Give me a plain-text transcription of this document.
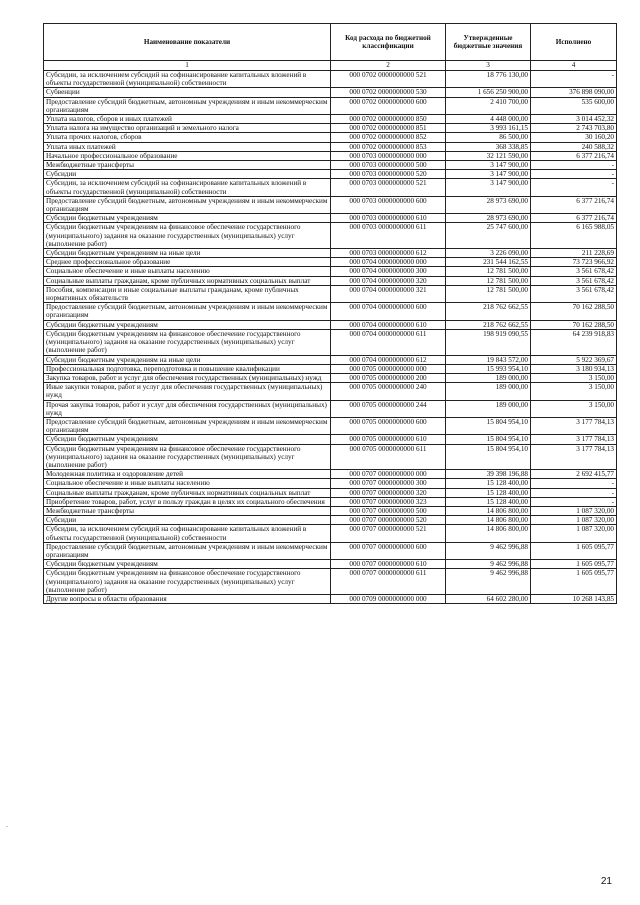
Наименование показатели	Код расхода по бюджетной классификации	Утвержденные бюджетные значения	Исполнено
1	2	3	4
Субсидии, за исключением субсидий на софинансирование капитальных вложений в объекты государственной (муниципальной) собственности	000 0702 0000000000 521	18 776 130,00	-
Субвенции	000 0702 0000000000 530	1 656 250 900,00	376 898 090,00
Предоставление субсидий бюджетным, автономным учреждениям и иным некоммерческим организациям	000 0702 0000000000 600	2 410 700,00	535 600,00
Уплата налогов, сборов и иных платежей	000 0702 0000000000 850	4 448 000,00	3 014 452,32
Уплата налога на имущество организаций и земельного налога	000 0702 0000000000 851	3 993 161,15	2 743 703,80
Уплата прочих налогов, сборов	000 0702 0000000000 852	86 500,00	30 160,20
Уплата иных платежей	000 0702 0000000000 853	368 338,85	240 588,32
Начальное профессиональное образование	000 0703 0000000000 000	32 121 590,00	6 377 216,74
Межбюджетные трансферты	000 0703 0000000000 500	3 147 900,00	-
Субсидии	000 0703 0000000000 520	3 147 900,00	-
Субсидии, за исключением субсидий на софинансирование капитальных вложений в объекты государственной (муниципальной) собственности	000 0703 0000000000 521	3 147 900,00	-
Предоставление субсидий бюджетным, автономным учреждениям и иным некоммерческим организациям	000 0703 0000000000 600	28 973 690,00	6 377 216,74
Субсидии бюджетным учреждениям	000 0703 0000000000 610	28 973 690,00	6 377 216,74
Субсидии бюджетным учреждениям на финансовое обеспечение государственного (муниципального) задания на оказание государственных (муниципальных) услуг (выполнение работ)	000 0703 0000000000 611	25 747 600,00	6 165 988,05
Субсидии бюджетным учреждениям на иные цели	000 0703 0000000000 612	3 226 090,00	211 228,69
Среднее профессиональное образование	000 0704 0000000000 000	231 544 162,55	73 723 966,92
Социальное обеспечение и иные выплаты населению	000 0704 0000000000 300	12 781 500,00	3 561 678,42
Социальные выплаты гражданам, кроме публичных нормативных социальных выплат	000 0704 0000000000 320	12 781 500,00	3 561 678,42
Пособия, компенсации и иные социальные выплаты гражданам, кроме публичных нормативных обязательств	000 0704 0000000000 321	12 781 500,00	3 561 678,42
Предоставление субсидий бюджетным, автономным учреждениям и иным некоммерческим организациям	000 0704 0000000000 600	218 762 662,55	70 162 288,50
Субсидии бюджетным учреждениям	000 0704 0000000000 610	218 762 662,55	70 162 288,50
Субсидии бюджетным учреждениям на финансовое обеспечение государственного (муниципального) задания на оказание государственных (муниципальных) услуг (выполнение работ)	000 0704 0000000000 611	198 919 090,55	64 239 918,83
Субсидии бюджетным учреждениям на иные цели	000 0704 0000000000 612	19 843 572,00	5 922 369,67
Профессиональная подготовка, переподготовка и повышение квалификации	000 0705 0000000000 000	15 993 954,10	3 180 934,13
Закупка товаров, работ и услуг для обеспечения государственных (муниципальных) нужд	000 0705 0000000000 200	189 000,00	3 150,00
Иные закупки товаров, работ и услуг для обеспечения государственных (муниципальных) нужд	000 0705 0000000000 240	189 000,00	3 150,00
Прочая закупка товаров, работ и услуг для обеспечения государственных (муниципальных) нужд	000 0705 0000000000 244	189 000,00	3 150,00
Предоставление субсидий бюджетным, автономным учреждениям и иным некоммерческим организациям	000 0705 0000000000 600	15 804 954,10	3 177 784,13
Субсидии бюджетным учреждениям	000 0705 0000000000 610	15 804 954,10	3 177 784,13
Субсидии бюджетным учреждениям на финансовое обеспечение государственного (муниципального) задания на оказание государственных (муниципальных) услуг (выполнение работ)	000 0705 0000000000 611	15 804 954,10	3 177 784,13
Молодежная политика и оздоровление детей	000 0707 0000000000 000	39 398 196,88	2 692 415,77
Социальное обеспечение и иные выплаты населению	000 0707 0000000000 300	15 128 400,00	-
Социальные выплаты гражданам, кроме публичных нормативных социальных выплат	000 0707 0000000000 320	15 128 400,00	-
Приобретение товаров, работ, услуг в пользу граждан в целях их социального обеспечения	000 0707 0000000000 323	15 128 400,00	-
Межбюджетные трансферты	000 0707 0000000000 500	14 806 800,00	1 087 320,00
Субсидии	000 0707 0000000000 520	14 806 800,00	1 087 320,00
Субсидии, за исключением субсидий на софинансирование капитальных вложений в объекты государственной (муниципальной) собственности	000 0707 0000000000 521	14 806 800,00	1 087 320,00
Предоставление субсидий бюджетным, автономным учреждениям и иным некоммерческим организациям	000 0707 0000000000 600	9 462 996,88	1 605 095,77
Субсидии бюджетным учреждениям	000 0707 0000000000 610	9 462 996,88	1 605 095,77
Субсидии бюджетным учреждениям на финансовое обеспечение государственного (муниципального) задания на оказание государственных (муниципальных) услуг (выполнение работ)	000 0707 0000000000 611	9 462 996,88	1 605 095,77
Другие вопросы в области образования	000 0709 0000000000 000	64 602 280,00	10 268 143,85
.
21
